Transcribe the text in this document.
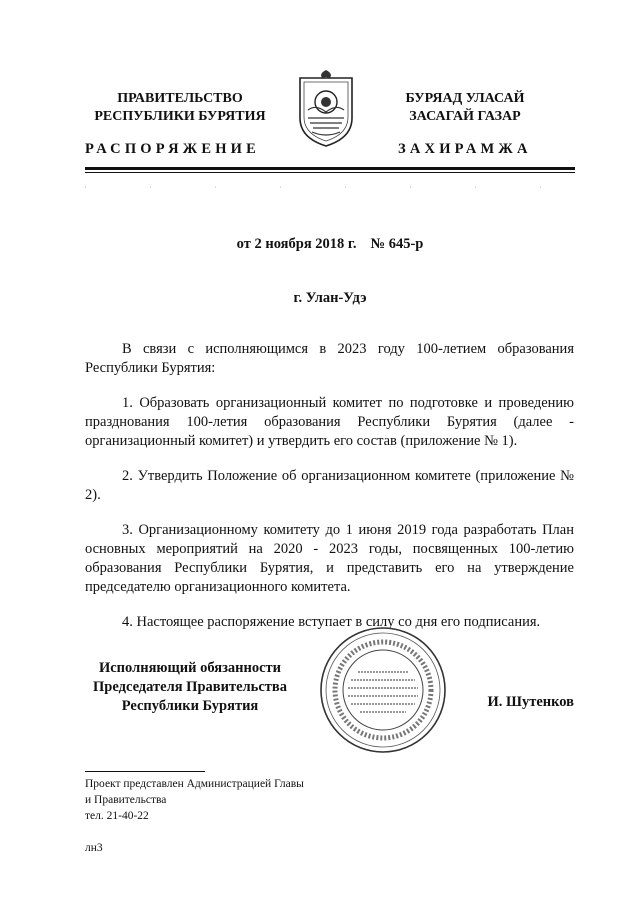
ПРАВИТЕЛЬСТВО
РЕСПУБЛИКИ БУРЯТИЯ
БУРЯАД УЛАСАЙ
ЗАСАГАЙ ГАЗАР
РАСПОРЯЖЕНИЕ	ЗАХИРАМЖА
от 2 ноября 2018 г. № 645-р
г. Улан-Удэ

В связи с исполняющимся в 2023 году 100-летием образования Республики Бурятия:

1. Образовать организационный комитет по подготовке и проведению празднования 100-летия образования Республики Бурятия (далее - организационный комитет) и утвердить его состав (приложение № 1).

2. Утвердить Положение об организационном комитете (приложение № 2).

3. Организационному комитету до 1 июня 2019 года разработать План основных мероприятий на 2020 - 2023 годы, посвященных 100-летию образования Республики Бурятия, и представить его на утверждение председателю организационного комитета.

4. Настоящее распоряжение вступает в силу со дня его подписания.

Исполняющий обязанности
Председателя Правительства
Республики Бурятия	И. Шутенков
Проект представлен Администрацией Главы
и Правительства
тел. 21-40-22
лн3
